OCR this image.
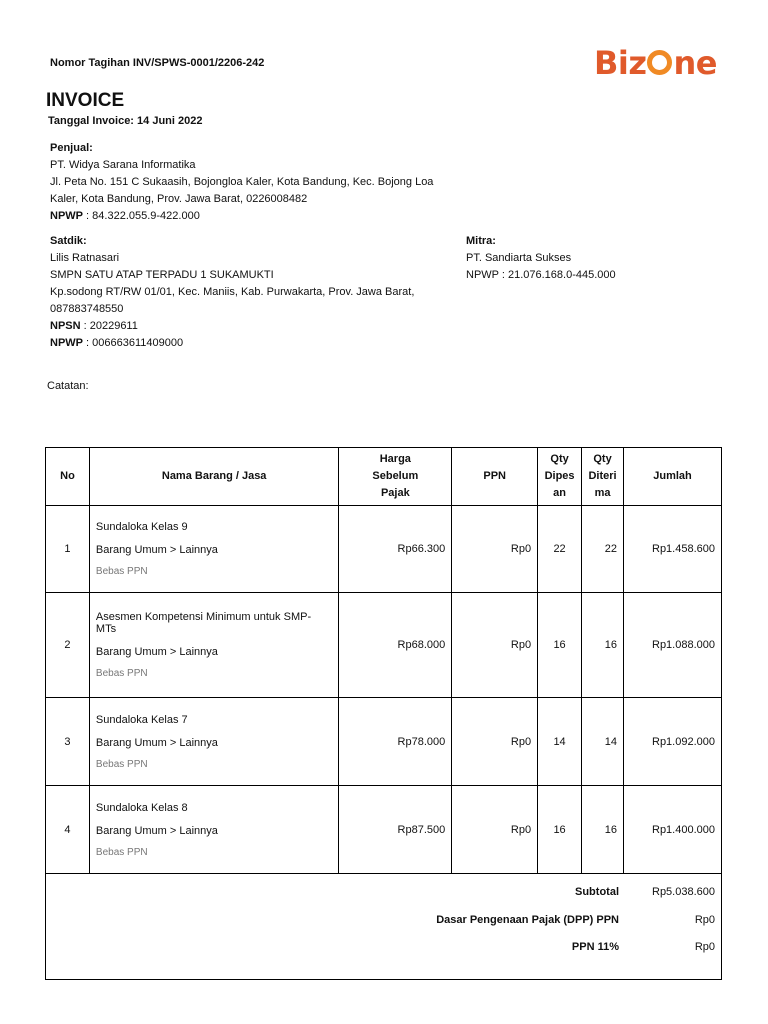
Nomor Tagihan INV/SPWS-0001/2206-242	Biz ne
INVOICE
Tanggal Invoice: 14 Juni 2022
Penjual:
PT. Widya Sarana Informatika
Jl. Peta No. 151 C Sukaasih, Bojongloa Kaler, Kota Bandung, Kec. Bojong Loa
Kaler, Kota Bandung, Prov. Jawa Barat, 0226008482
NPWP : 84.322.055.9-422.000
Satdik:
Lilis Ratnasari
SMPN SATU ATAP TERPADU 1 SUKAMUKTI
Kp.sodong RT/RW 01/01, Kec. Maniis, Kab. Purwakarta, Prov. Jawa Barat,
087883748550
NPSN : 20229611
NPWP : 006663611409000
Mitra:
PT. Sandiarta Sukses
NPWP : 21.076.168.0-445.000
Catatan:
No	Nama Barang / Jasa	Harga
Sebelum
Pajak	PPN	Qty
Dipes
an	Qty
Diteri
ma	Jumlah
1	Sundaloka Kelas 9
Barang Umum > Lainnya
Bebas PPN	Rp66.300	Rp0	22	22	Rp1.458.600
2	Asesmen Kompetensi Minimum untuk SMP-
MTs
Barang Umum > Lainnya
Bebas PPN	Rp68.000	Rp0	16	16	Rp1.088.000
3	Sundaloka Kelas 7
Barang Umum > Lainnya
Bebas PPN	Rp78.000	Rp0	14	14	Rp1.092.000
4	Sundaloka Kelas 8
Barang Umum > Lainnya
Bebas PPN	Rp87.500	Rp0	16	16	Rp1.400.000
Subtotal	Rp5.038.600
Dasar Pengenaan Pajak (DPP) PPN	Rp0
PPN 11%	Rp0
